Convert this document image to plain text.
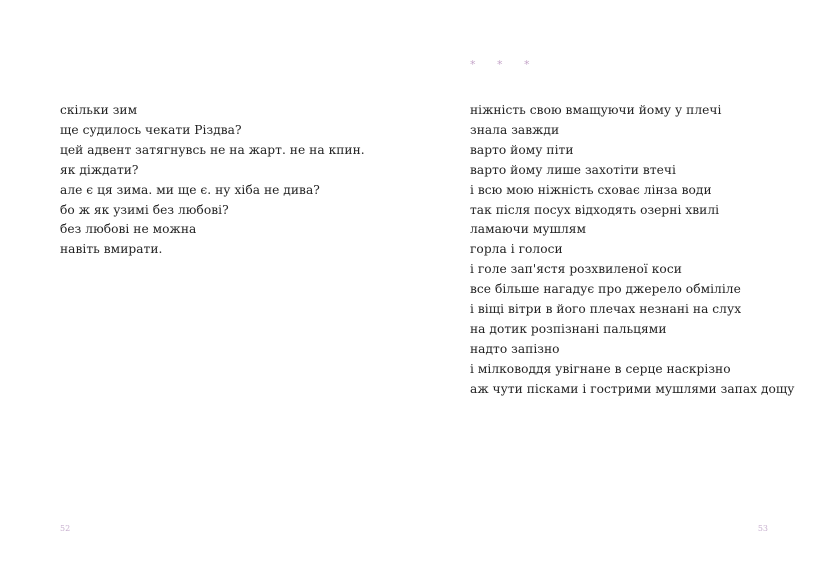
скільки зим
ще судилось чекати Різдва?
цей адвент затягнувсь не на жарт. не на кпин.
як діждати?
але є ця зима. ми ще є. ну хіба не дива?
бо ж як узимі без любові?
без любові не можна
навіть вмирати.
52
* * *
ніжність свою вмащуючи йому у плечі
знала завжди
варто йому піти
варто йому лише захотіти втечі
і всю мою ніжність сховає лінза води
так після посух відходять озерні хвилі
ламаючи мушлям
горла і голоси
і голе зап'ястя розхвиленої коси
все більше нагадує про джерело обміліле
і віщі вітри в його плечах незнані на слух
на дотик розпізнані пальцями
надто запізно
і мілководдя увігнане в серце наскрізно
аж чути пісками і гострими мушлями запах дощу
53
